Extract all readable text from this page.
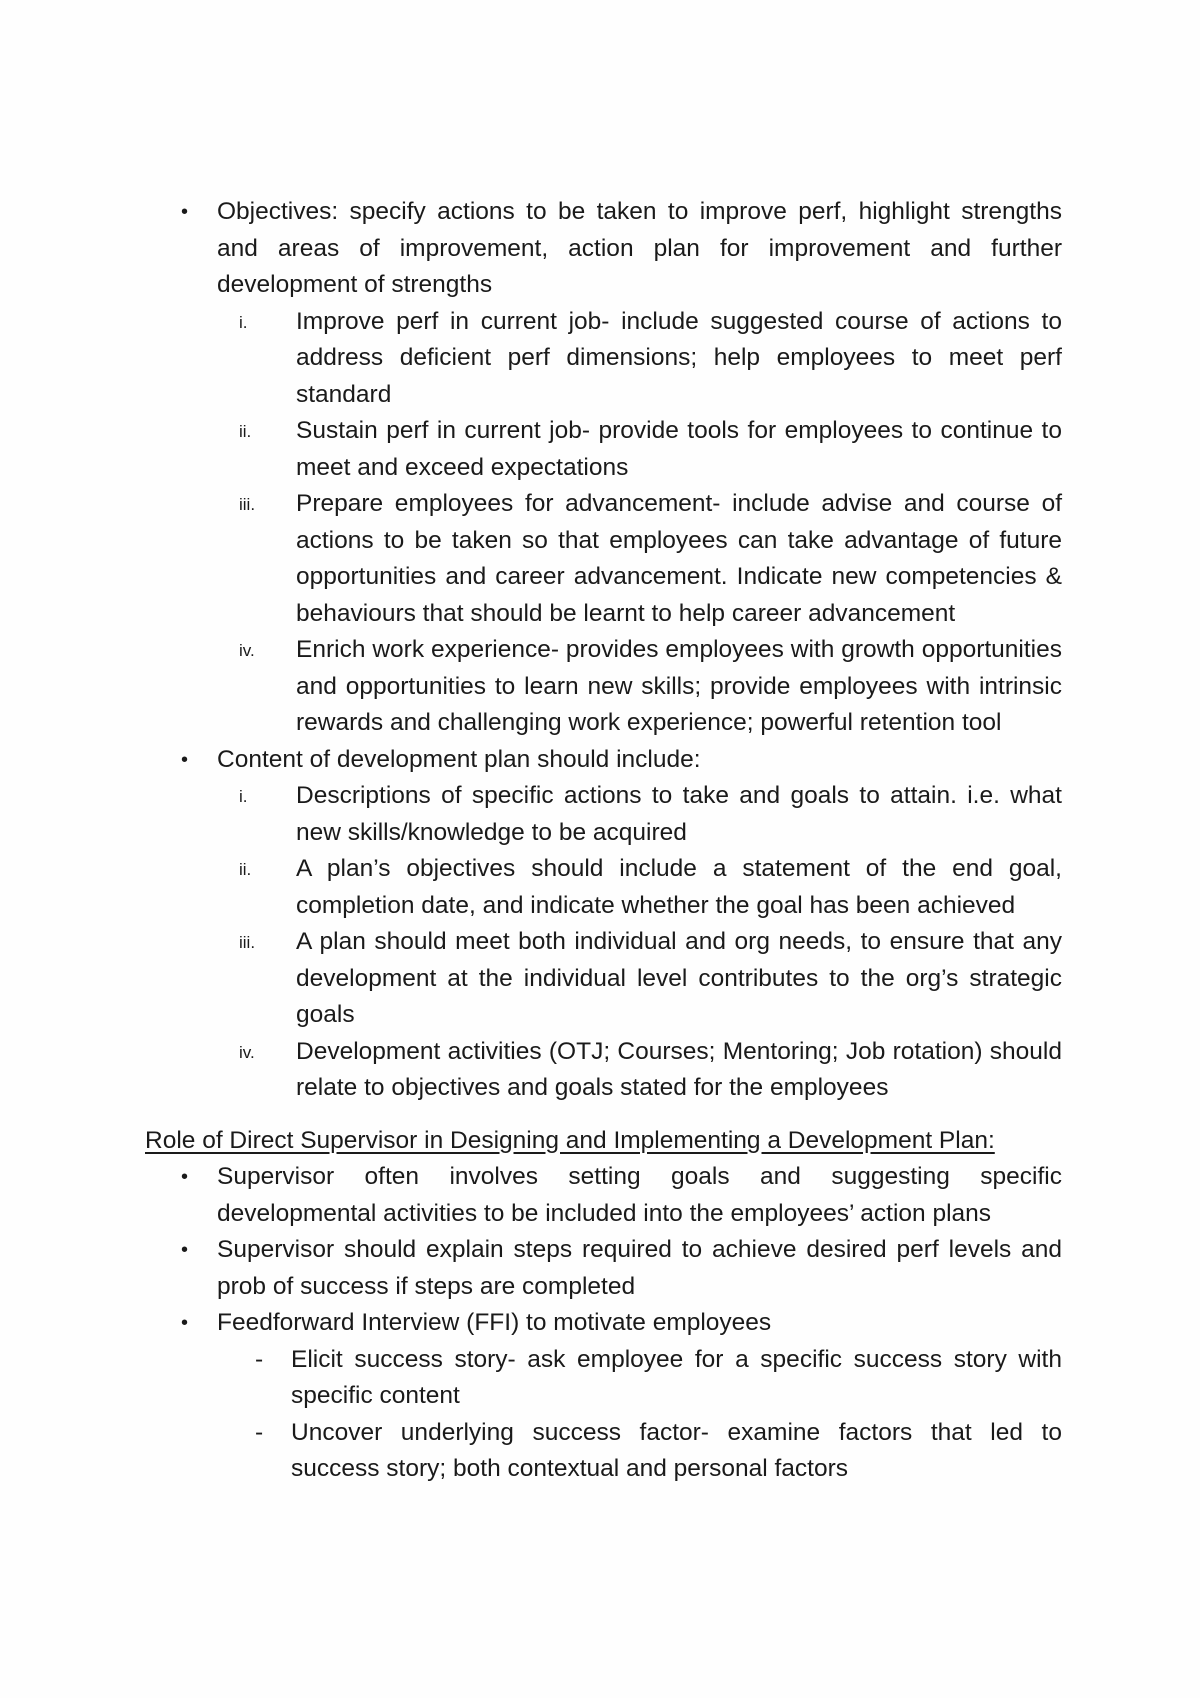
• Objectives: specify actions to be taken to improve perf, highlight strengths and areas of improvement, action plan for improvement and further development of strengths
i. Improve perf in current job- include suggested course of actions to address deficient perf dimensions; help employees to meet perf standard
ii. Sustain perf in current job- provide tools for employees to continue to meet and exceed expectations
iii. Prepare employees for advancement- include advise and course of actions to be taken so that employees can take advantage of future opportunities and career advancement. Indicate new competencies & behaviours that should be learnt to help career advancement
iv. Enrich work experience- provides employees with growth opportunities and opportunities to learn new skills; provide employees with intrinsic rewards and challenging work experience; powerful retention tool
• Content of development plan should include:
i. Descriptions of specific actions to take and goals to attain. i.e. what new skills/knowledge to be acquired
ii. A plan’s objectives should include a statement of the end goal, completion date, and indicate whether the goal has been achieved
iii. A plan should meet both individual and org needs, to ensure that any development at the individual level contributes to the org’s strategic goals
iv. Development activities (OTJ; Courses; Mentoring; Job rotation) should relate to objectives and goals stated for the employees
Role of Direct Supervisor in Designing and Implementing a Development Plan:
• Supervisor often involves setting goals and suggesting specific developmental activities to be included into the employees’ action plans
• Supervisor should explain steps required to achieve desired perf levels and prob of success if steps are completed
• Feedforward Interview (FFI) to motivate employees
- Elicit success story- ask employee for a specific success story with specific content
- Uncover underlying success factor- examine factors that led to success story; both contextual and personal factors
